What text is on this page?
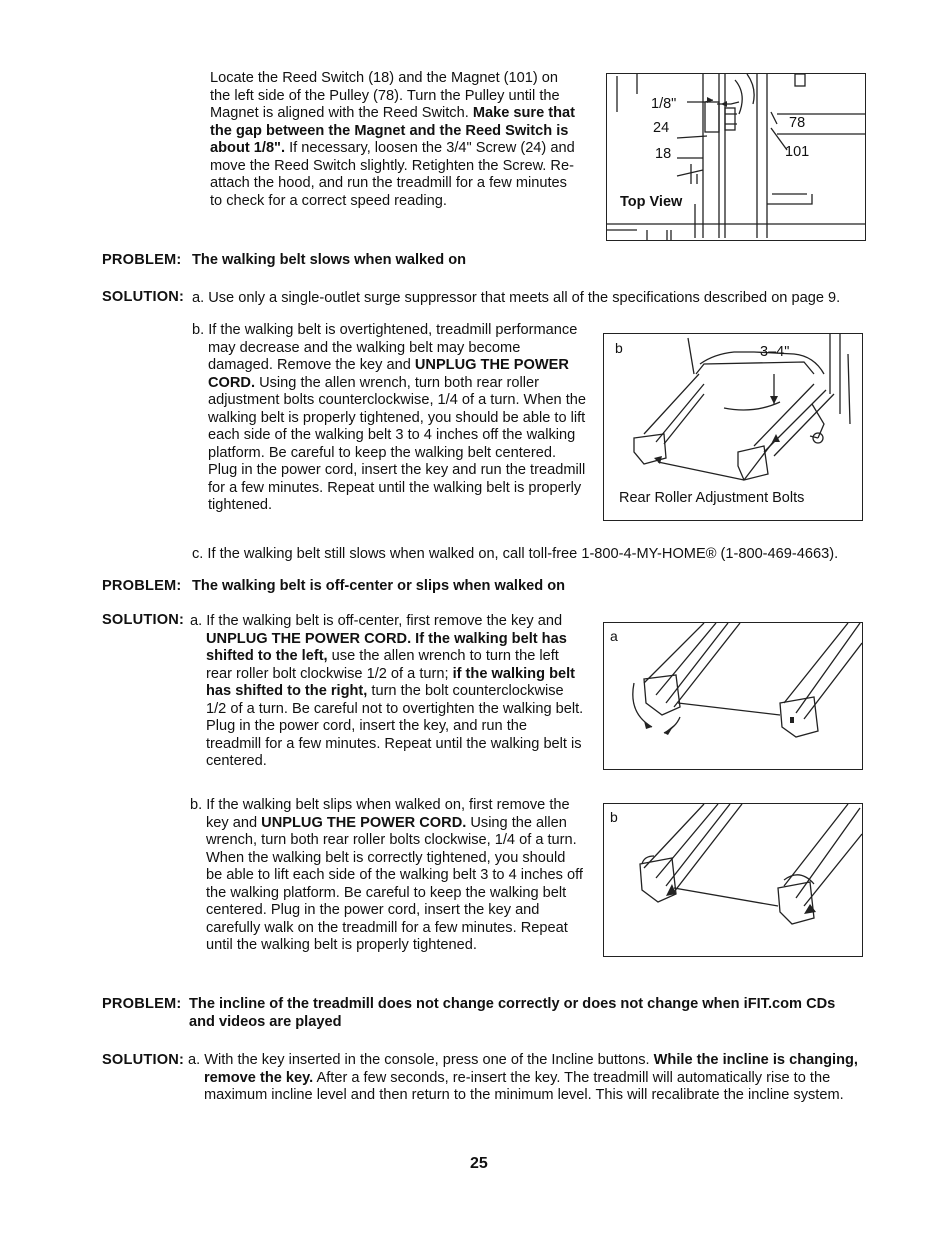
Locate the Reed Switch (18) and the Magnet (101) on the left side of the Pulley (78). Turn the Pulley until the Magnet is aligned with the Reed Switch. Make sure that the gap between the Magnet and the Reed Switch is about 1/8". If necessary, loosen the 3/4" Screw (24) and move the Reed Switch slightly. Retighten the Screw. Re-attach the hood, and run the treadmill for a few minutes to check for a correct speed reading.

1/8"
24
18
78
101
Top View
PROBLEM: The walking belt slows when walked on
SOLUTION: a. Use only a single-outlet surge suppressor that meets all of the specifications described on page 9.

b. If the walking belt is overtightened, treadmill performance may decrease and the walking belt may become damaged. Remove the key and UNPLUG THE POWER CORD. Using the allen wrench, turn both rear roller adjustment bolts counterclockwise, 1/4 of a turn. When the walking belt is properly tightened, you should be able to lift each side of the walking belt 3 to 4 inches off the walking platform. Be careful to keep the walking belt centered. Plug in the power cord, insert the key and run the treadmill for a few minutes. Repeat until the walking belt is properly tightened.

b	3–4"
Rear Roller Adjustment Bolts
c. If the walking belt still slows when walked on, call toll-free 1-800-4-MY-HOME® (1-800-469-4663).
PROBLEM: The walking belt is off-center or slips when walked on
SOLUTION: a. If the walking belt is off-center, first remove the key and UNPLUG THE POWER CORD. If the walking belt has shifted to the left, use the allen wrench to turn the left rear roller bolt clockwise 1/2 of a turn; if the walking belt has shifted to the right, turn the bolt counterclockwise 1/2 of a turn. Be careful not to overtighten the walking belt. Plug in the power cord, insert the key, and run the treadmill for a few minutes. Repeat until the walking belt is centered.

a

b. If the walking belt slips when walked on, first remove the key and UNPLUG THE POWER CORD. Using the allen wrench, turn both rear roller bolts clockwise, 1/4 of a turn. When the walking belt is correctly tightened, you should be able to lift each side of the walking belt 3 to 4 inches off the walking platform. Be careful to keep the walking belt centered. Plug in the power cord, insert the key and carefully walk on the treadmill for a few minutes. Repeat until the walking belt is properly tightened.

b
PROBLEM: The incline of the treadmill does not change correctly or does not change when iFIT.com CDs and videos are played
SOLUTION: a. With the key inserted in the console, press one of the Incline buttons. While the incline is changing, remove the key. After a few seconds, re-insert the key. The treadmill will automatically rise to the maximum incline level and then return to the minimum level. This will recalibrate the incline system.

25
